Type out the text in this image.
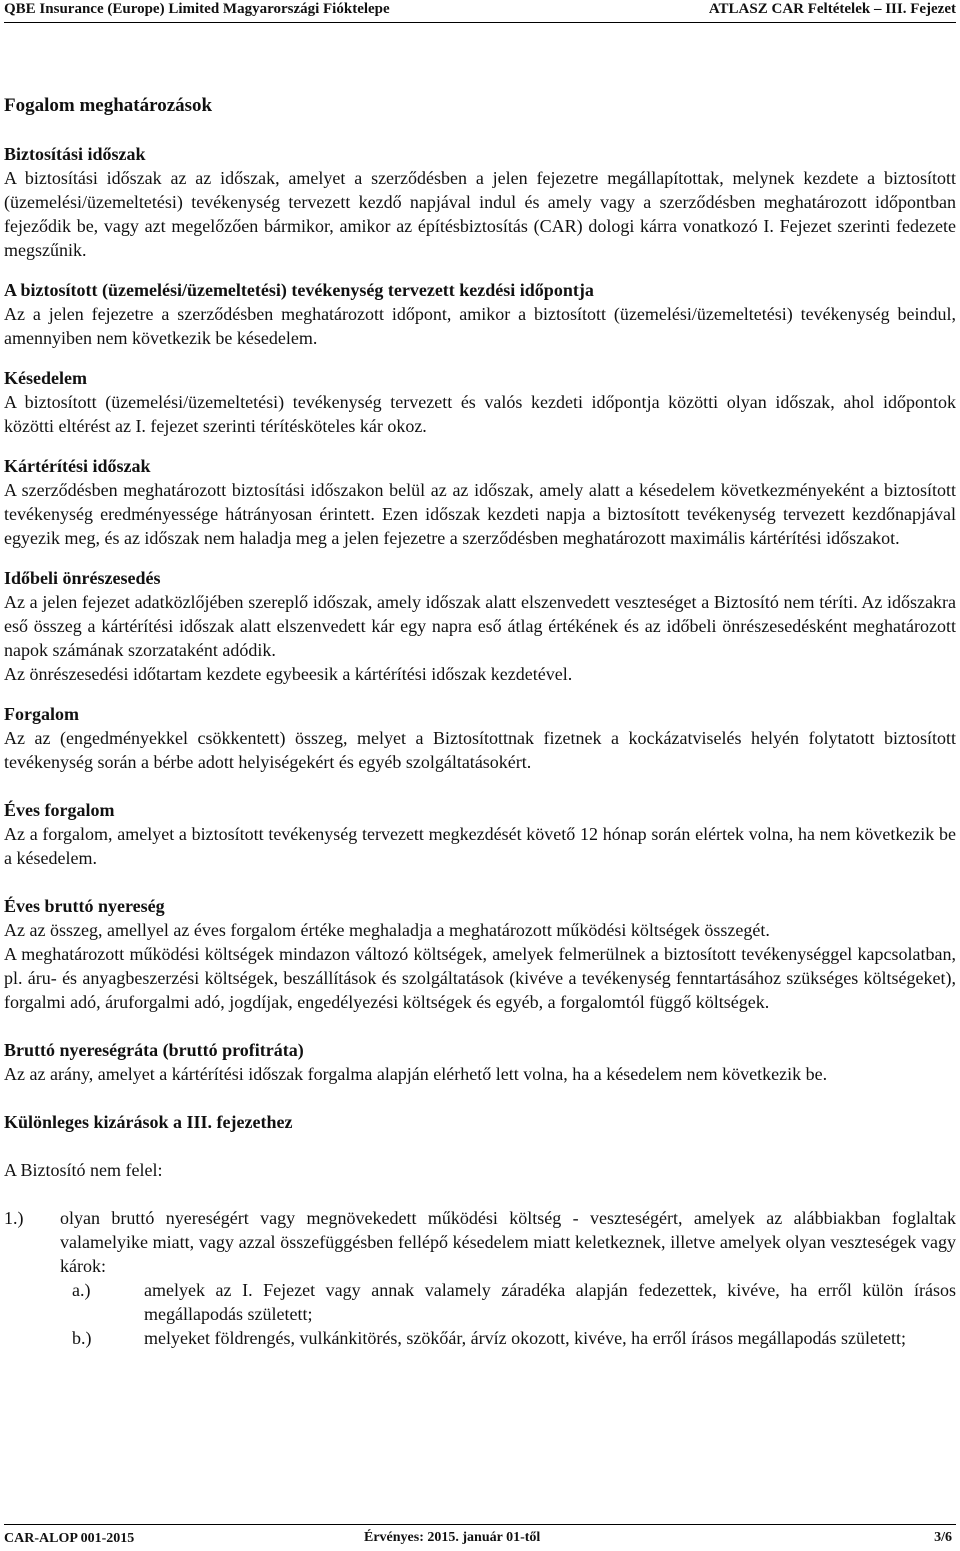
QBE Insurance (Europe) Limited Magyarországi Fióktelepe	ATLASZ CAR Feltételek – III. Fejezet
Fogalom meghatározások
Biztosítási időszak
A biztosítási időszak az az időszak, amelyet a szerződésben a jelen fejezetre megállapítottak, melynek kezdete a biztosított (üzemelési/üzemeltetési) tevékenység tervezett kezdő napjával indul és amely vagy a szerződésben meghatározott időpontban fejeződik be, vagy azt megelőzően bármikor, amikor az építésbiztosítás (CAR) dologi kárra vonatkozó I. Fejezet szerinti fedezete megszűnik.
A biztosított (üzemelési/üzemeltetési) tevékenység tervezett kezdési időpontja
Az a jelen fejezetre a szerződésben meghatározott időpont, amikor a biztosított (üzemelési/üzemeltetési) tevékenység beindul, amennyiben nem következik be késedelem.
Késedelem
A biztosított (üzemelési/üzemeltetési) tevékenység tervezett és valós kezdeti időpontja közötti olyan időszak, ahol időpontok közötti eltérést az I. fejezet szerinti térítésköteles kár okoz.
Kártérítési időszak
A szerződésben meghatározott biztosítási időszakon belül az az időszak, amely alatt a késedelem következményeként a biztosított tevékenység eredményessége hátrányosan érintett. Ezen időszak kezdeti napja a biztosított tevékenység tervezett kezdőnapjával egyezik meg, és az időszak nem haladja meg a jelen fejezetre a szerződésben meghatározott maximális kártérítési időszakot.
Időbeli önrészesedés
Az a jelen fejezet adatközlőjében szereplő időszak, amely időszak alatt elszenvedett veszteséget a Biztosító nem téríti. Az időszakra eső összeg a kártérítési időszak alatt elszenvedett kár egy napra eső átlag értékének és az időbeli önrészesedésként meghatározott napok számának szorzataként adódik.
Az önrészesedési időtartam kezdete egybeesik a kártérítési időszak kezdetével.
Forgalom
Az az (engedményekkel csökkentett) összeg, melyet a Biztosítottnak fizetnek a kockázatviselés helyén folytatott biztosított tevékenység során a bérbe adott helyiségekért és egyéb szolgáltatásokért.
Éves forgalom
Az a forgalom, amelyet a biztosított tevékenység tervezett megkezdését követő 12 hónap során elértek volna, ha nem következik be a késedelem.
Éves bruttó nyereség
Az az összeg, amellyel az éves forgalom értéke meghaladja a meghatározott működési költségek összegét.
A meghatározott működési költségek mindazon változó költségek, amelyek felmerülnek a biztosított tevékenységgel kapcsolatban, pl. áru- és anyagbeszerzési költségek, beszállítások és szolgáltatások (kivéve a tevékenység fenntartásához szükséges költségeket), forgalmi adó, áruforgalmi adó, jogdíjak, engedélyezési költségek és egyéb, a forgalomtól függő költségek.
Bruttó nyereségráta (bruttó profitráta)
Az az arány, amelyet a kártérítési időszak forgalma alapján elérhető lett volna, ha a késedelem nem következik be.
Különleges kizárások a III. fejezethez
A Biztosító nem felel:
1.)	olyan bruttó nyereségért vagy megnövekedett működési költség - veszteségért, amelyek az alábbiakban foglaltak valamelyike miatt, vagy azzal összefüggésben fellépő késedelem miatt keletkeznek, illetve amelyek olyan veszteségek vagy károk:
a.)	amelyek az I. Fejezet vagy annak valamely záradéka alapján fedezettek, kivéve, ha erről külön írásos megállapodás született;
b.)	melyeket földrengés, vulkánkitörés, szökőár, árvíz okozott, kivéve, ha erről írásos megállapodás született;
CAR-ALOP 001-2015	Érvényes: 2015. január 01-től	3/6
